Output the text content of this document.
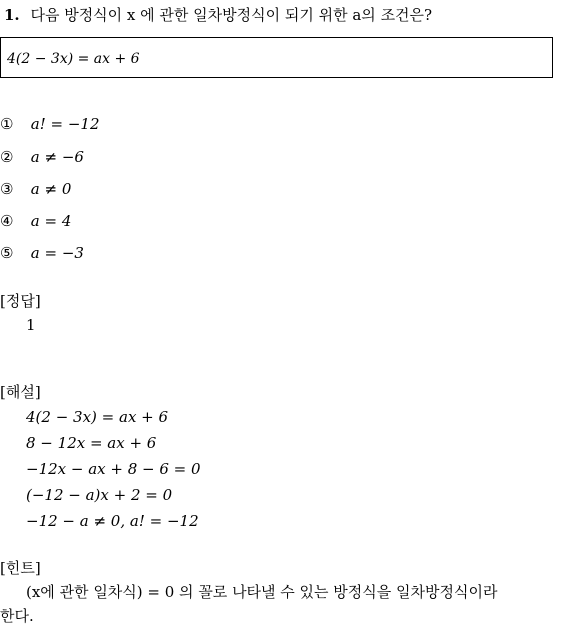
1. 다음 방정식이 x 에 관한 일차방정식이 되기 위한 a의 조건은?
4(2 − 3x) = ax + 6
① a! = −12
② a ≠ −6
③ a ≠ 0
④ a = 4
⑤ a = −3
[정답]
1
[해설]
4(2 − 3x) = ax + 6
8 − 12x = ax + 6
−12x − ax + 8 − 6 = 0
(−12 − a)x + 2 = 0
−12 − a ≠ 0, a! = −12
[힌트]
(x에 관한 일차식) = 0 의 꼴로 나타낼 수 있는 방정식을 일차방정식이라
한다.
